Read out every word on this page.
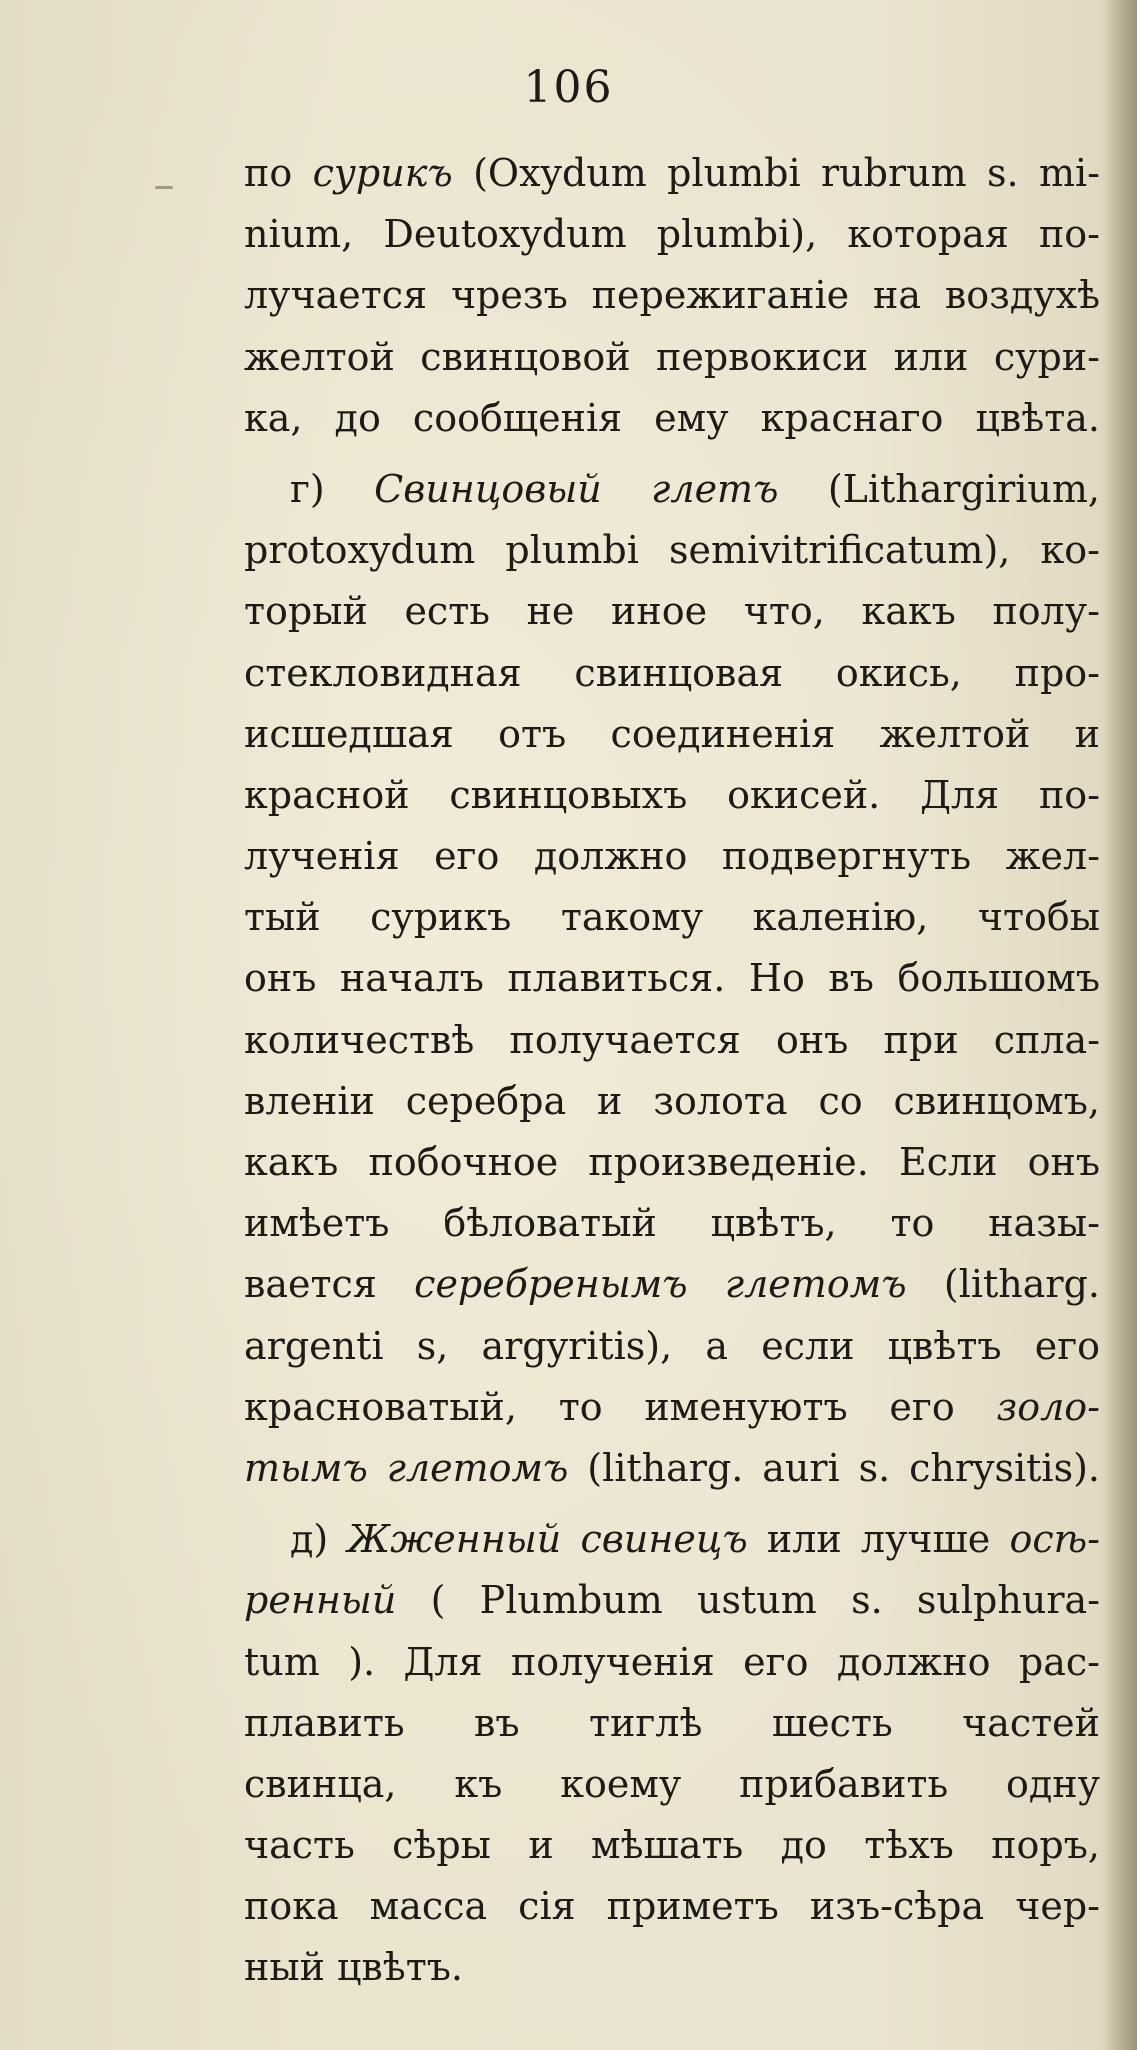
106
по сурикъ (Oxydum plumbi rubrum s. mi-
nium, Deutoxydum plumbi), которая по-
лучается чрезъ пережиганіе на воздухѣ
желтой свинцовой первокиси или сури-
ка, до сообщенія ему краснаго цвѣта.
г) Свинцовый глетъ (Lithargirium,
protoxydum plumbi semivitrificatum), ко-
торый есть не иное что, какъ полу-
стекловидная свинцовая окись, про-
исшедшая отъ соединенія желтой и
красной свинцовыхъ окисей. Для по-
лученія его должно подвергнуть жел-
тый сурикъ такому каленію, чтобы
онъ началъ плавиться. Но въ большомъ
количествѣ получается онъ при спла-
вленіи серебра и золота со свинцомъ,
какъ побочное произведеніе. Если онъ
имѣетъ бѣловатый цвѣтъ, то назы-
вается серебренымъ глетомъ (litharg.
argenti s, argyritis), а если цвѣтъ его
красноватый, то именуютъ его золо-
тымъ глетомъ (litharg. auri s. chrysitis).
д) Жженный свинецъ или лучше осѣ-
ренный ( Plumbum ustum s. sulphura-
tum ). Для полученія его должно рас-
плавить въ тиглѣ шесть частей
свинца, къ коему прибавить одну
часть сѣры и мѣшать до тѣхъ поръ,
пока масса сія приметъ изъ-сѣра чер-
ный цвѣтъ.
